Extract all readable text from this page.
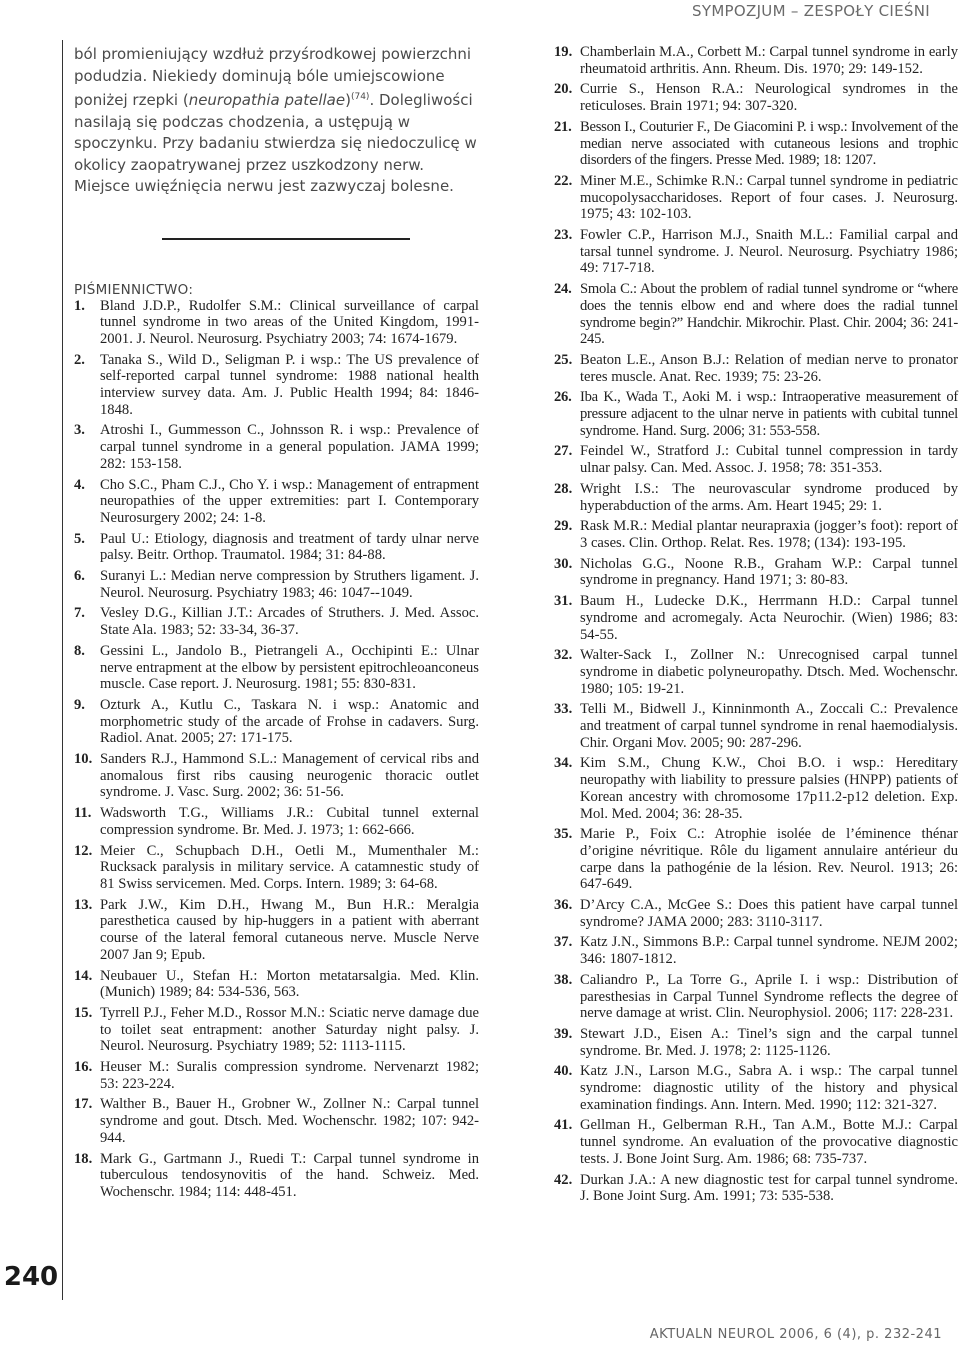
SYMPOZJUM – ZESPOŁY CIEŚNI
240

ból promieniujący wzdłuż przyśrodkowej powierzchni podudzia. Niekiedy dominują bóle umiejscowione poniżej rzepki (neuropathia patellae)$^{(74)}$. Dolegliwości nasilają się podczas chodzenia, a ustępują w spoczynku. Przy badaniu stwierdza się niedoczulicę w okolicy zaopatrywanej przez uszkodzony nerw. Miejsce uwięźnięcia nerwu jest zazwyczaj bolesne.

PIŚMIENNICTWO:
1.	Bland J.D.P., Rudolfer S.M.: Clinical surveillance of carpal tunnel syndrome in two areas of the United Kingdom, 1991-2001. J. Neurol. Neurosurg. Psychiatry 2003; 74: 1674-1679.
2.	Tanaka S., Wild D., Seligman P. i wsp.: The US prevalence of self-reported carpal tunnel syndrome: 1988 national health interview survey data. Am. J. Public Health 1994; 84: 1846-1848.
3.	Atroshi I., Gummesson C., Johnsson R. i wsp.: Prevalence of carpal tunnel syndrome in a general population. JAMA 1999; 282: 153-158.
4.	Cho S.C., Pham C.J., Cho Y. i wsp.: Management of entrapment neuropathies of the upper extremities: part I. Contemporary Neurosurgery 2002; 24: 1-8.
5.	Paul U.: Etiology, diagnosis and treatment of tardy ulnar nerve palsy. Beitr. Orthop. Traumatol. 1984; 31: 84-88.
6.	Suranyi L.: Median nerve compression by Struthers ligament. J. Neurol. Neurosurg. Psychiatry 1983; 46: 1047--1049.
7.	Vesley D.G., Killian J.T.: Arcades of Struthers. J. Med. Assoc. State Ala. 1983; 52: 33-34, 36-37.
8.	Gessini L., Jandolo B., Pietrangeli A., Occhipinti E.: Ulnar nerve entrapment at the elbow by persistent epitrochleoanconeus muscle. Case report. J. Neurosurg. 1981; 55: 830-831.
9.	Ozturk A., Kutlu C., Taskara N. i wsp.: Anatomic and morphometric study of the arcade of Frohse in cadavers. Surg. Radiol. Anat. 2005; 27: 171-175.
10. Sanders R.J., Hammond S.L.: Management of cervical ribs and anomalous first ribs causing neurogenic thoracic outlet syndrome. J. Vasc. Surg. 2002; 36: 51-56.
11. Wadsworth T.G., Williams J.R.: Cubital tunnel external compression syndrome. Br. Med. J. 1973; 1: 662-666.
12. Meier C., Schupbach D.H., Oetli M., Mumenthaler M.: Rucksack paralysis in military service. A catamnestic study of 81 Swiss servicemen. Med. Corps. Intern. 1989; 3: 64-68.
13. Park J.W., Kim D.H., Hwang M., Bun H.R.: Meralgia paresthetica caused by hip-huggers in a patient with aberrant course of the lateral femoral cutaneous nerve. Muscle Nerve 2007 Jan 9; Epub.
14. Neubauer U., Stefan H.: Morton metatarsalgia. Med. Klin. (Munich) 1989; 84: 534-536, 563.
15. Tyrrell P.J., Feher M.D., Rossor M.N.: Sciatic nerve damage due to toilet seat entrapment: another Saturday night palsy. J. Neurol. Neurosurg. Psychiatry 1989; 52: 1113-1115.
16. Heuser M.: Suralis compression syndrome. Nervenarzt 1982; 53: 223-224.
17. Walther B., Bauer H., Grobner W., Zollner N.: Carpal tunnel syndrome and gout. Dtsch. Med. Wochenschr. 1982; 107: 942-944.
18. Mark G., Gartmann J., Ruedi T.: Carpal tunnel syndrome in tuberculous tendosynovitis of the hand. Schweiz. Med. Wochenschr. 1984; 114: 448-451.
19. Chamberlain M.A., Corbett M.: Carpal tunnel syndrome in early rheumatoid arthritis. Ann. Rheum. Dis. 1970; 29: 149-152.
20. Currie S., Henson R.A.: Neurological syndromes in the reticuloses. Brain 1971; 94: 307-320.
21. Besson I., Couturier F., De Giacomini P. i wsp.: Involvement of the median nerve associated with cutaneous lesions and trophic disorders of the fingers. Presse Med. 1989; 18: 1207.
22. Miner M.E., Schimke R.N.: Carpal tunnel syndrome in pediatric mucopolysaccharidoses. Report of four cases. J. Neurosurg. 1975; 43: 102-103.
23. Fowler C.P., Harrison M.J., Snaith M.L.: Familial carpal and tarsal tunnel syndrome. J. Neurol. Neurosurg. Psychiatry 1986; 49: 717-718.
24. Smola C.: About the problem of radial tunnel syndrome or “where does the tennis elbow end and where does the radial tunnel syndrome begin?” Handchir. Mikrochir. Plast. Chir. 2004; 36: 241-245.
25. Beaton L.E., Anson B.J.: Relation of median nerve to pronator teres muscle. Anat. Rec. 1939; 75: 23-26.
26. Iba K., Wada T., Aoki M. i wsp.: Intraoperative measurement of pressure adjacent to the ulnar nerve in patients with cubital tunnel syndrome. Hand. Surg. 2006; 31: 553-558.
27. Feindel W., Stratford J.: Cubital tunnel compression in tardy ulnar palsy. Can. Med. Assoc. J. 1958; 78: 351-353.
28. Wright I.S.: The neurovascular syndrome produced by hyperabduction of the arms. Am. Heart 1945; 29: 1.
29. Rask M.R.: Medial plantar neurapraxia (jogger’s foot): report of 3 cases. Clin. Orthop. Relat. Res. 1978; (134): 193-195.
30. Nicholas G.G., Noone R.B., Graham W.P.: Carpal tunnel syndrome in pregnancy. Hand 1971; 3: 80-83.
31. Baum H., Ludecke D.K., Herrmann H.D.: Carpal tunnel syndrome and acromegaly. Acta Neurochir. (Wien) 1986; 83: 54-55.
32. Walter-Sack I., Zollner N.: Unrecognised carpal tunnel syndrome in diabetic polyneuropathy. Dtsch. Med. Wochenschr. 1980; 105: 19-21.
33. Telli M., Bidwell J., Kinninmonth A., Zoccali C.: Prevalence and treatment of carpal tunnel syndrome in renal haemodialysis. Chir. Organi Mov. 2005; 90: 287-296.
34. Kim S.M., Chung K.W., Choi B.O. i wsp.: Hereditary neuropathy with liability to pressure palsies (HNPP) patients of Korean ancestry with chromosome 17p11.2-p12 deletion. Exp. Mol. Med. 2004; 36: 28-35.
35. Marie P., Foix C.: Atrophie isolée de l’éminence thénar d’origine névritique. Rôle du ligament annulaire antérieur du carpe dans la pathogénie de la lésion. Rev. Neurol. 1913; 26: 647-649.
36. D’Arcy C.A., McGee S.: Does this patient have carpal tunnel syndrome? JAMA 2000; 283: 3110-3117.
37. Katz J.N., Simmons B.P.: Carpal tunnel syndrome. NEJM 2002; 346: 1807-1812.
38. Caliandro P., La Torre G., Aprile I. i wsp.: Distribution of paresthesias in Carpal Tunnel Syndrome reflects the degree of nerve damage at wrist. Clin. Neurophysiol. 2006; 117: 228-231.
39. Stewart J.D., Eisen A.: Tinel’s sign and the carpal tunnel syndrome. Br. Med. J. 1978; 2: 1125-1126.
40. Katz J.N., Larson M.G., Sabra A. i wsp.: The carpal tunnel syndrome: diagnostic utility of the history and physical examination findings. Ann. Intern. Med. 1990; 112: 321-327.
41. Gellman H., Gelberman R.H., Tan A.M., Botte M.J.: Carpal tunnel syndrome. An evaluation of the provocative diagnostic tests. J. Bone Joint Surg. Am. 1986; 68: 735-737.
42. Durkan J.A.: A new diagnostic test for carpal tunnel syndrome. J. Bone Joint Surg. Am. 1991; 73: 535-538.
AKTUALN NEUROL 2006, 6 (4), p. 232-241
